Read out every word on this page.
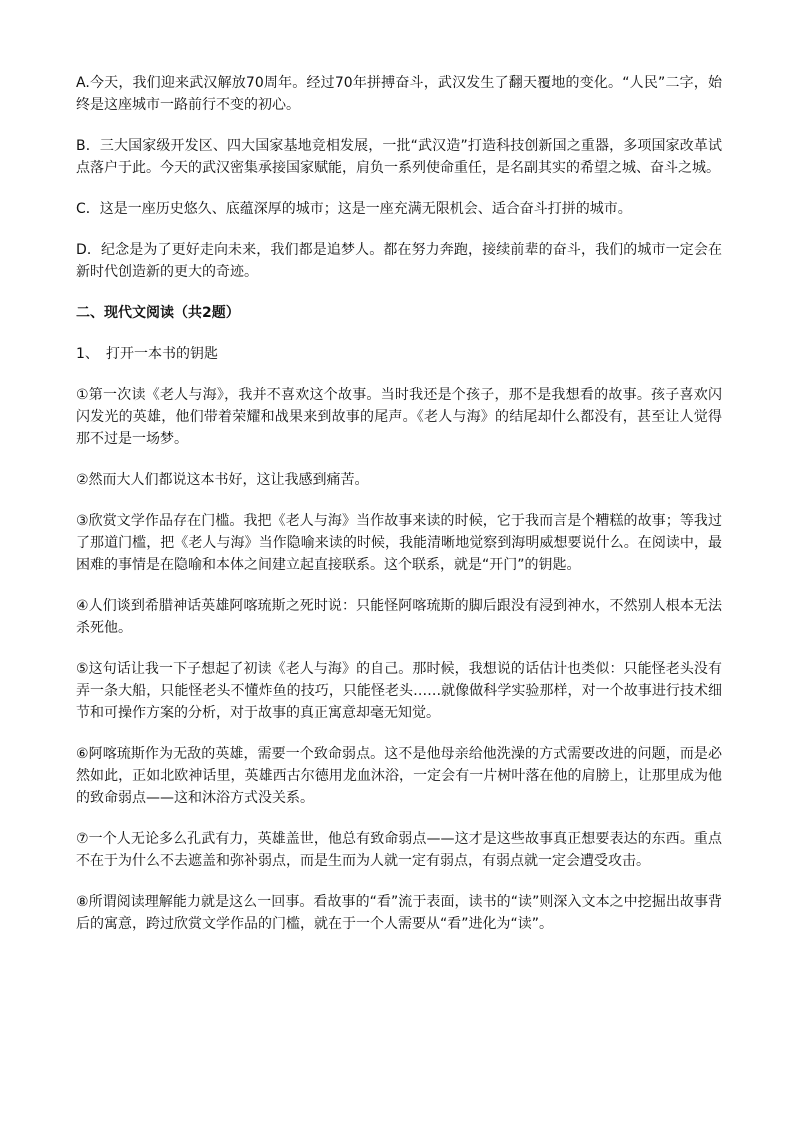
A.今天，我们迎来武汉解放70周年。经过70年拼搏奋斗，武汉发生了翻天覆地的变化。“人民”二字，始终是这座城市一路前行不变的初心。

B．三大国家级开发区、四大国家基地竞相发展，一批“武汉造”打造科技创新国之重器，多项国家改革试点落户于此。今天的武汉密集承接国家赋能，肩负一系列使命重任，是名副其实的希望之城、奋斗之城。

C．这是一座历史悠久、底蕴深厚的城市；这是一座充满无限机会、适合奋斗打拼的城市。

D．纪念是为了更好走向未来，我们都是追梦人。都在努力奔跑，接续前辈的奋斗，我们的城市一定会在新时代创造新的更大的奇迹。

二、现代文阅读（共2题）
1、 打开一本书的钥匙

①第一次读《老人与海》，我并不喜欢这个故事。当时我还是个孩子，那不是我想看的故事。孩子喜欢闪闪发光的英雄，他们带着荣耀和战果来到故事的尾声。《老人与海》的结尾却什么都没有，甚至让人觉得那不过是一场梦。

②然而大人们都说这本书好，这让我感到痛苦。

③欣赏文学作品存在门槛。我把《老人与海》当作故事来读的时候，它于我而言是个糟糕的故事；等我过了那道门槛，把《老人与海》当作隐喻来读的时候，我能清晰地觉察到海明威想要说什么。在阅读中，最困难的事情是在隐喻和本体之间建立起直接联系。这个联系，就是“开门”的钥匙。

④人们谈到希腊神话英雄阿喀琉斯之死时说：只能怪阿喀琉斯的脚后跟没有浸到神水，不然别人根本无法杀死他。

⑤这句话让我一下子想起了初读《老人与海》的自己。那时候，我想说的话估计也类似：只能怪老头没有弄一条大船，只能怪老头不懂炸鱼的技巧，只能怪老头……就像做科学实验那样，对一个故事进行技术细节和可操作方案的分析，对于故事的真正寓意却毫无知觉。

⑥阿喀琉斯作为无敌的英雄，需要一个致命弱点。这不是他母亲给他洗澡的方式需要改进的问题，而是必然如此，正如北欧神话里，英雄西古尔德用龙血沐浴，一定会有一片树叶落在他的肩膀上，让那里成为他的致命弱点——这和沐浴方式没关系。

⑦一个人无论多么孔武有力，英雄盖世，他总有致命弱点——这才是这些故事真正想要表达的东西。重点不在于为什么不去遮盖和弥补弱点，而是生而为人就一定有弱点，有弱点就一定会遭受攻击。

⑧所谓阅读理解能力就是这么一回事。看故事的“看”流于表面，读书的“读”则深入文本之中挖掘出故事背后的寓意，跨过欣赏文学作品的门槛，就在于一个人需要从“看”进化为“读”。
